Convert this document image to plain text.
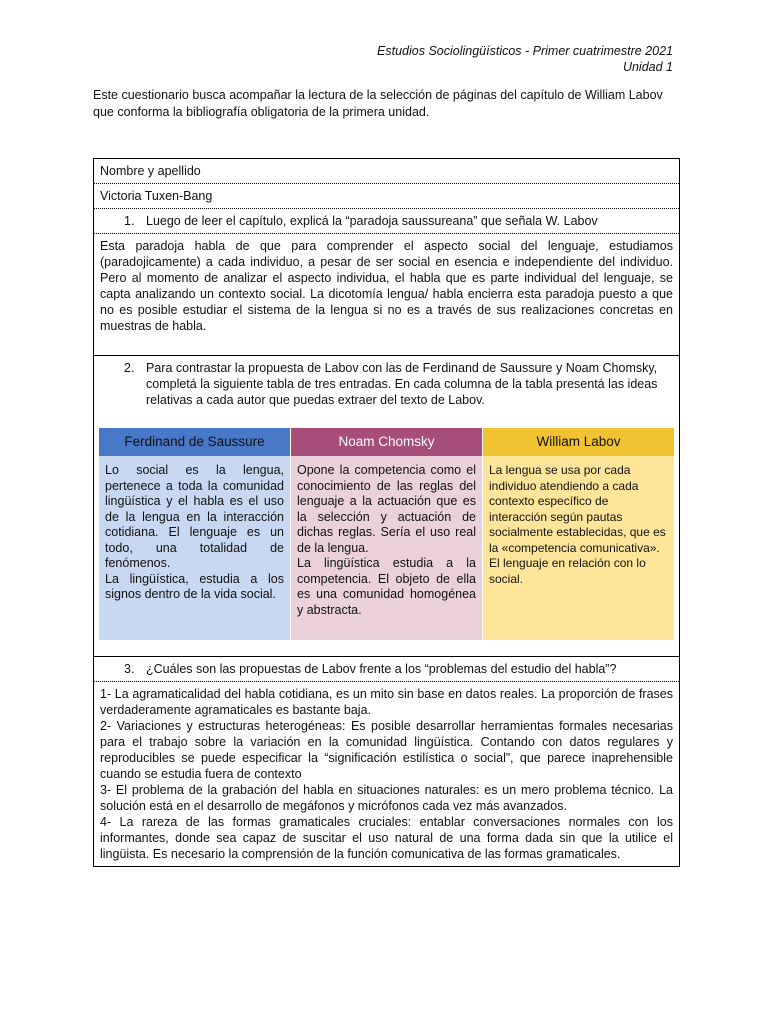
Estudios Sociolingüísticos - Primer cuatrimestre 2021
Unidad 1
Este cuestionario busca acompañar la lectura de la selección de páginas del capítulo de William Labov que conforma la bibliografía obligatoria de la primera unidad.
Nombre y apellido
Victoria Tuxen-Bang
1. Luego de leer el capítulo, explicá la “paradoja saussureana” que señala W. Labov
Esta paradoja habla de que para comprender el aspecto social del lenguaje, estudiamos (paradojicamente) a cada individuo, a pesar de ser social en esencia e independiente del individuo. Pero al momento de analizar el aspecto individua, el habla que es parte individual del lenguaje, se capta analizando un contexto social. La dicotomía lengua/ habla encierra esta paradoja puesto a que no es posible estudiar el sistema de la lengua si no es a través de sus realizaciones concretas en muestras de habla.
2. Para contrastar la propuesta de Labov con las de Ferdinand de Saussure y Noam Chomsky, completá la siguiente tabla de tres entradas. En cada columna de la tabla presentá las ideas relativas a cada autor que puedas extraer del texto de Labov.
Ferdinand de Saussure
Lo social es la lengua, pertenece a toda la comunidad lingüística y el habla es el uso de la lengua en la interacción cotidiana. El lenguaje es un todo, una totalidad de fenómenos.
La lingüística, estudia a los signos dentro de la vida social.
Noam Chomsky
Opone la competencia como el conocimiento de las reglas del lenguaje a la actuación que es la selección y actuación de dichas reglas. Sería el uso real de la lengua.
La lingüística estudia a la competencia. El objeto de ella es una comunidad homogénea y abstracta.
William Labov
La lengua se usa por cada individuo atendiendo a cada contexto específico de interacción según pautas socialmente establecidas, que es la «competencia comunicativa». El lenguaje en relación con lo social.
3. ¿Cuáles son las propuestas de Labov frente a los “problemas del estudio del habla”?
1- La agramaticalidad del habla cotidiana, es un mito sin base en datos reales. La proporción de frases verdaderamente agramaticales es bastante baja.
2- Variaciones y estructuras heterogéneas: Es posible desarrollar herramientas formales necesarias para el trabajo sobre la variación en la comunidad lingüística. Contando con datos regulares y reproducibles se puede especificar la “significación estilística o social”, que parece inaprehensible cuando se estudia fuera de contexto
3- El problema de la grabación del habla en situaciones naturales: es un mero problema técnico. La solución está en el desarrollo de megáfonos y micrófonos cada vez más avanzados.
4- La rareza de las formas gramaticales cruciales: entablar conversaciones normales con los informantes, donde sea capaz de suscitar el uso natural de una forma dada sin que la utilice el lingüista. Es necesario la comprensión de la función comunicativa de las formas gramaticales.
